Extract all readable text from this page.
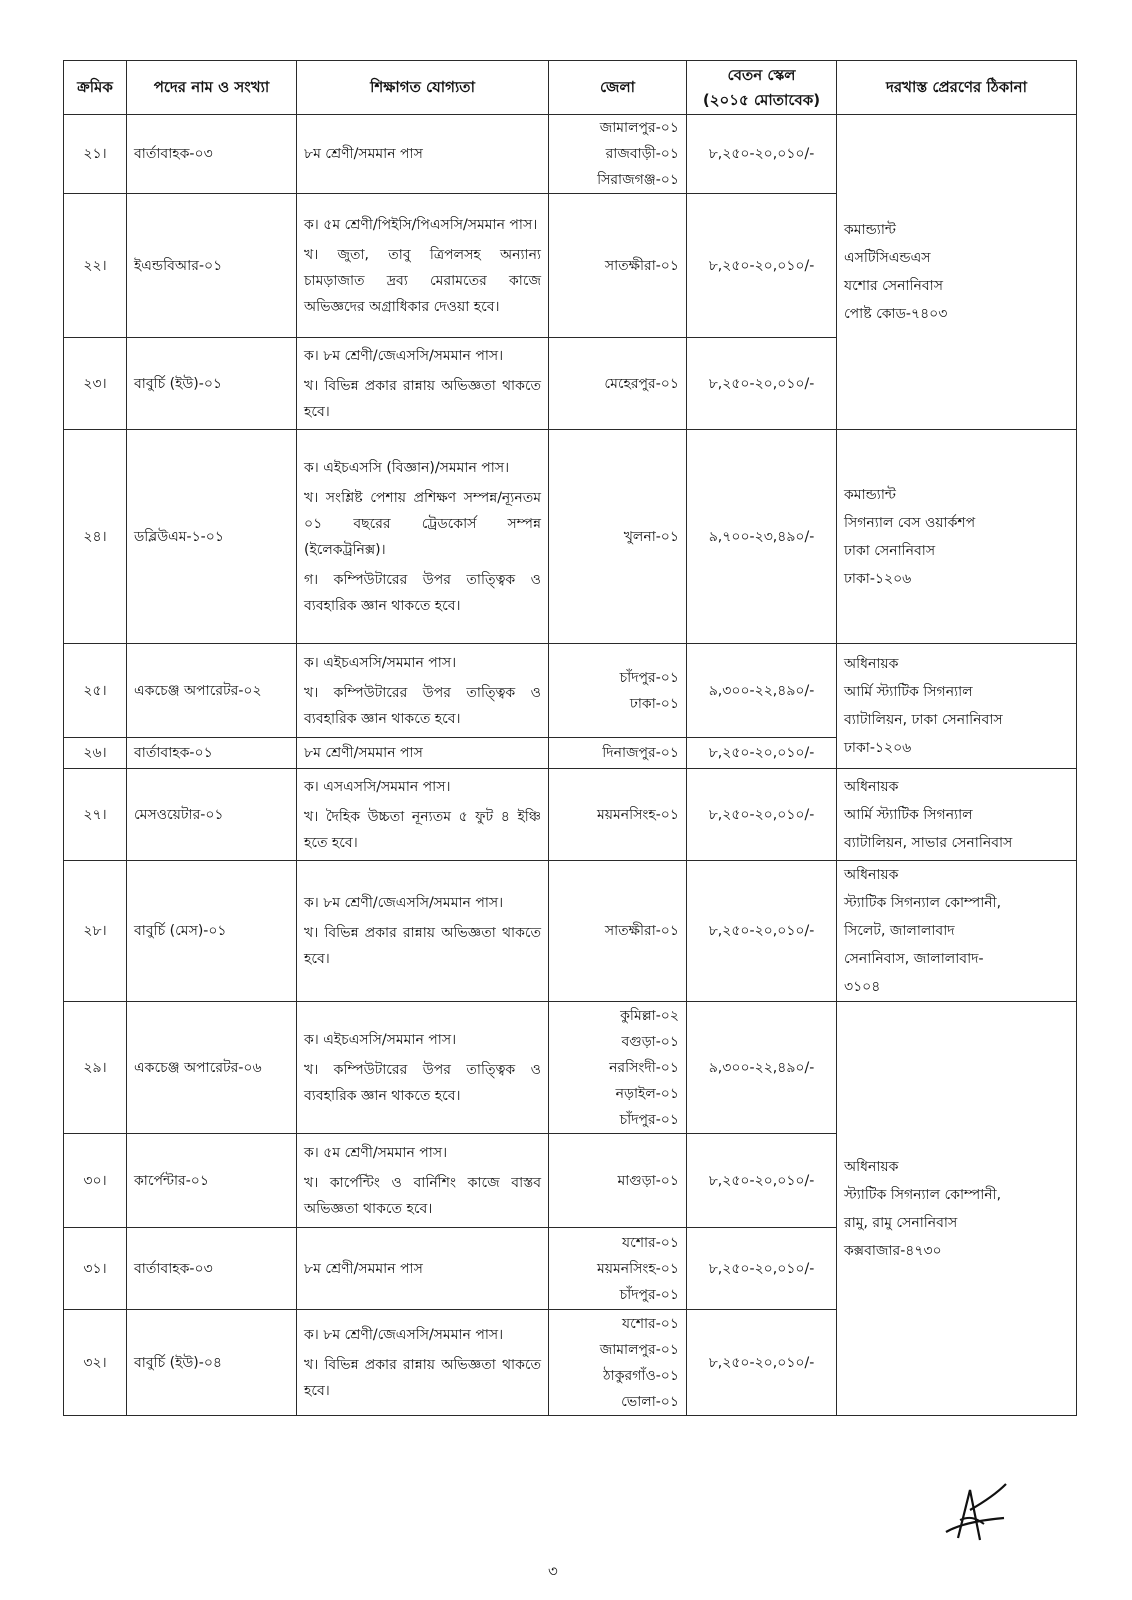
ক্রমিক	পদের নাম ও সংখ্যা	শিক্ষাগত যোগ্যতা	জেলা	বেতন স্কেল
(২০১৫ মোতাবেক)	দরখাস্ত প্রেরণের ঠিকানা
২১।	বার্তাবাহক-০৩	৮ম শ্রেণী/সমমান পাস	জামালপুর-০১
রাজবাড়ী-০১
সিরাজগঞ্জ-০১	৮,২৫০-২০,০১০/-	কমান্ড্যান্ট
এসটিসিএন্ডএস
যশোর সেনানিবাস
পোষ্ট কোড-৭৪০৩

২২।	ইএন্ডবিআর-০১	ক। ৫ম শ্রেণী/পিইসি/পিএসসি/সমমান পাস।
খ। জুতা, তাবু ত্রিপলসহ অন্যান্য চামড়াজাত দ্রব্য মেরামতের কাজে অভিজ্ঞদের অগ্রাধিকার দেওয়া হবে।	সাতক্ষীরা-০১	৮,২৫০-২০,০১০/-	
২৩।	বাবুর্চি (ইউ)-০১	ক। ৮ম শ্রেণী/জেএসসি/সমমান পাস।
খ। বিভিন্ন প্রকার রান্নায় অভিজ্ঞতা থাকতে হবে।	মেহেরপুর-০১	৮,২৫০-২০,০১০/-	
২৪।	ডব্লিউএম-১-০১	ক। এইচএসসি (বিজ্ঞান)/সমমান পাস।
খ। সংশ্লিষ্ট পেশায় প্রশিক্ষণ সম্পন্ন/ন্যূনতম ০১ বছরের ট্রেডকোর্স সম্পন্ন (ইলেকট্রনিক্স)।
গ। কম্পিউটারের উপর তাত্ত্বিক ও ব্যবহারিক জ্ঞান থাকতে হবে।	খুলনা-০১	৯,৭০০-২৩,৪৯০/-	কমান্ড্যান্ট
সিগন্যাল বেস ওয়ার্কশপ
ঢাকা সেনানিবাস
ঢাকা-১২০৬

২৫।	একচেঞ্জ অপারেটর-০২	ক। এইচএসসি/সমমান পাস।
খ। কম্পিউটারের উপর তাত্ত্বিক ও ব্যবহারিক জ্ঞান থাকতে হবে।	চাঁদপুর-০১
ঢাকা-০১	৯,৩০০-২২,৪৯০/-	অধিনায়ক
আর্মি স্ট্যাটিক সিগন্যাল
ব্যাটালিয়ন, ঢাকা সেনানিবাস
ঢাকা-১২০৬

২৬।	বার্তাবাহক-০১	৮ম শ্রেণী/সমমান পাস	দিনাজপুর-০১	৮,২৫০-২০,০১০/-	
২৭।	মেসওয়েটার-০১	ক। এসএসসি/সমমান পাস।
খ। দৈহিক উচ্চতা নূন্যতম ৫ ফুট ৪ ইঞ্চি হতে হবে।	ময়মনসিংহ-০১	৮,২৫০-২০,০১০/-	অধিনায়ক
আর্মি স্ট্যাটিক সিগন্যাল
ব্যাটালিয়ন, সাভার সেনানিবাস

২৮।	বাবুর্চি (মেস)-০১	ক। ৮ম শ্রেণী/জেএসসি/সমমান পাস।
খ। বিভিন্ন প্রকার রান্নায় অভিজ্ঞতা থাকতে হবে।	সাতক্ষীরা-০১	৮,২৫০-২০,০১০/-	অধিনায়ক
স্ট্যাটিক সিগন্যাল কোম্পানী,
সিলেট, জালালাবাদ
সেনানিবাস, জালালাবাদ-
৩১০৪

২৯।	একচেঞ্জ অপারেটর-০৬	ক। এইচএসসি/সমমান পাস।
খ। কম্পিউটারের উপর তাত্ত্বিক ও ব্যবহারিক জ্ঞান থাকতে হবে।	কুমিল্লা-০২
বগুড়া-০১
নরসিংদী-০১
নড়াইল-০১
চাঁদপুর-০১	৯,৩০০-২২,৪৯০/-	অধিনায়ক
স্ট্যাটিক সিগন্যাল কোম্পানী,
রামু, রামু সেনানিবাস
কক্সবাজার-৪৭৩০

৩০।	কার্পেন্টার-০১	ক। ৫ম শ্রেণী/সমমান পাস।
খ। কার্পেন্টিং ও বার্নিশিং কাজে বাস্তব অভিজ্ঞতা থাকতে হবে।	মাগুড়া-০১	৮,২৫০-২০,০১০/-	
৩১।	বার্তাবাহক-০৩	৮ম শ্রেণী/সমমান পাস	যশোর-০১
ময়মনসিংহ-০১
চাঁদপুর-০১	৮,২৫০-২০,০১০/-	
৩২।	বাবুর্চি (ইউ)-০৪	ক। ৮ম শ্রেণী/জেএসসি/সমমান পাস।
খ। বিভিন্ন প্রকার রান্নায় অভিজ্ঞতা থাকতে হবে।	যশোর-০১
জামালপুর-০১
ঠাকুরগাঁও-০১
ভোলা-০১	৮,২৫০-২০,০১০/-	
৩
